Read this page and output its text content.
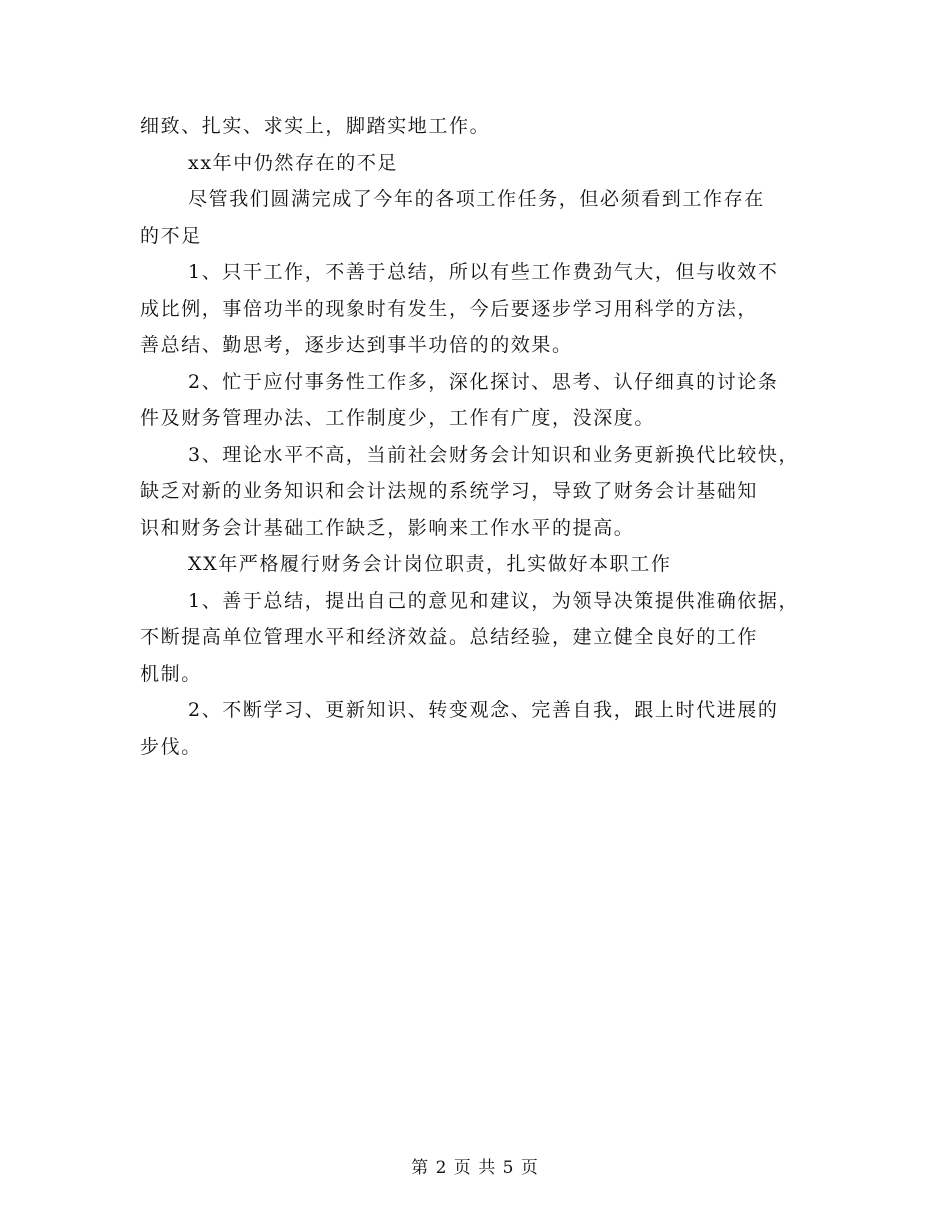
细致、扎实、求实上，脚踏实地工作。
xx年中仍然存在的不足
尽管我们圆满完成了今年的各项工作任务，但必须看到工作存在
的不足
1、只干工作，不善于总结，所以有些工作费劲气大，但与收效不
成比例，事倍功半的现象时有发生，今后要逐步学习用科学的方法，
善总结、勤思考，逐步达到事半功倍的的效果。
2、忙于应付事务性工作多，深化探讨、思考、认仔细真的讨论条
件及财务管理办法、工作制度少，工作有广度，没深度。
3、理论水平不高，当前社会财务会计知识和业务更新换代比较快，
缺乏对新的业务知识和会计法规的系统学习，导致了财务会计基础知
识和财务会计基础工作缺乏，影响来工作水平的提高。
XX年严格履行财务会计岗位职责，扎实做好本职工作
1、善于总结，提出自己的意见和建议，为领导决策提供准确依据，
不断提高单位管理水平和经济效益。总结经验，建立健全良好的工作
机制。
2、不断学习、更新知识、转变观念、完善自我，跟上时代进展的
步伐。
第 2 页 共 5 页
